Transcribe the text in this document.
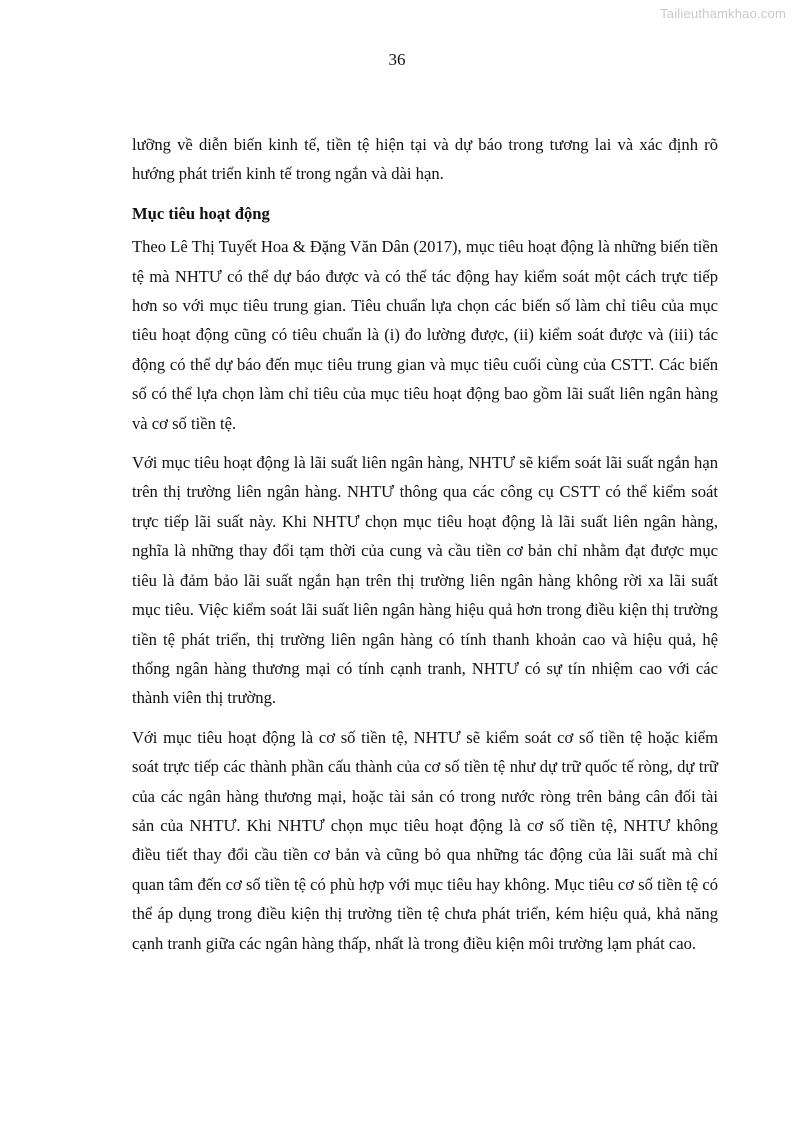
Tailieuthamkhao.com
36

lưỡng về diễn biến kinh tế, tiền tệ hiện tại và dự báo trong tương lai và xác định rõ hướng phát triển kinh tế trong ngắn và dài hạn.

Mục tiêu hoạt động

Theo Lê Thị Tuyết Hoa & Đặng Văn Dân (2017), mục tiêu hoạt động là những biến tiền tệ mà NHTƯ có thể dự báo được và có thể tác động hay kiểm soát một cách trực tiếp hơn so với mục tiêu trung gian. Tiêu chuẩn lựa chọn các biến số làm chỉ tiêu của mục tiêu hoạt động cũng có tiêu chuẩn là (i) đo lường được, (ii) kiểm soát được và (iii) tác động có thể dự báo đến mục tiêu trung gian và mục tiêu cuối cùng của CSTT. Các biến số có thể lựa chọn làm chỉ tiêu của mục tiêu hoạt động bao gồm lãi suất liên ngân hàng và cơ số tiền tệ.

Với mục tiêu hoạt động là lãi suất liên ngân hàng, NHTƯ sẽ kiểm soát lãi suất ngắn hạn trên thị trường liên ngân hàng. NHTƯ thông qua các công cụ CSTT có thể kiểm soát trực tiếp lãi suất này. Khi NHTƯ chọn mục tiêu hoạt động là lãi suất liên ngân hàng, nghĩa là những thay đổi tạm thời của cung và cầu tiền cơ bản chỉ nhằm đạt được mục tiêu là đảm bảo lãi suất ngắn hạn trên thị trường liên ngân hàng không rời xa lãi suất mục tiêu. Việc kiểm soát lãi suất liên ngân hàng hiệu quả hơn trong điều kiện thị trường tiền tệ phát triển, thị trường liên ngân hàng có tính thanh khoản cao và hiệu quả, hệ thống ngân hàng thương mại có tính cạnh tranh, NHTƯ có sự tín nhiệm cao với các thành viên thị trường.

Với mục tiêu hoạt động là cơ số tiền tệ, NHTƯ sẽ kiểm soát cơ số tiền tệ hoặc kiểm soát trực tiếp các thành phần cấu thành của cơ số tiền tệ như dự trữ quốc tế ròng, dự trữ của các ngân hàng thương mại, hoặc tài sản có trong nước ròng trên bảng cân đối tài sản của NHTƯ. Khi NHTƯ chọn mục tiêu hoạt động là cơ số tiền tệ, NHTƯ không điều tiết thay đổi cầu tiền cơ bản và cũng bỏ qua những tác động của lãi suất mà chỉ quan tâm đến cơ số tiền tệ có phù hợp với mục tiêu hay không. Mục tiêu cơ số tiền tệ có thể áp dụng trong điều kiện thị trường tiền tệ chưa phát triển, kém hiệu quả, khả năng cạnh tranh giữa các ngân hàng thấp, nhất là trong điều kiện môi trường lạm phát cao.
